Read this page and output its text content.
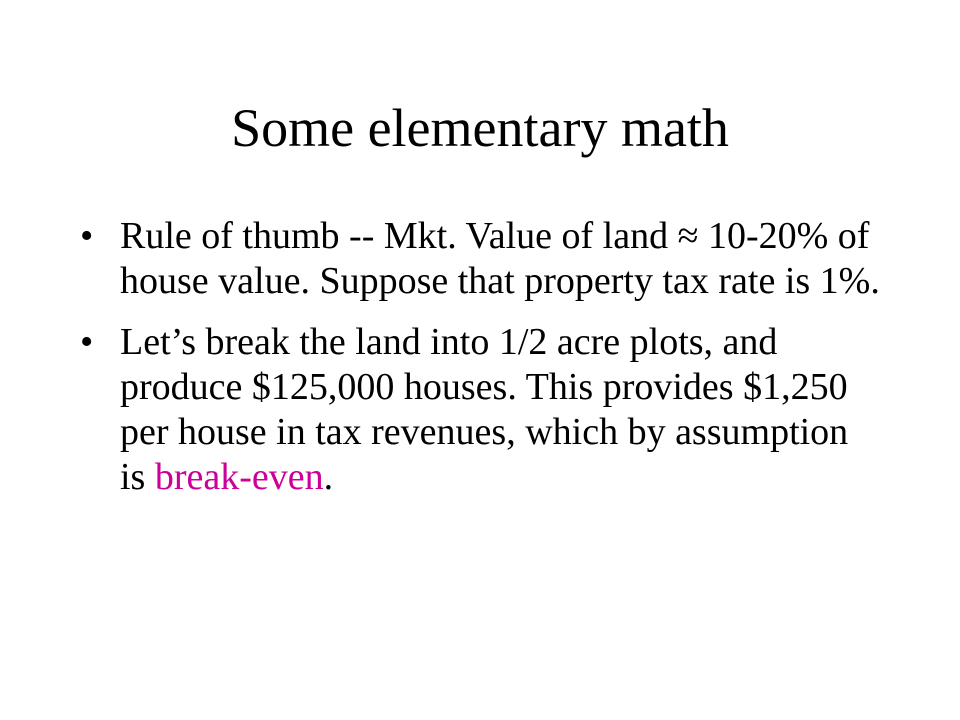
Some elementary math
• Rule of thumb -- Mkt. Value of land ≈ 10-20% of house value. Suppose that property tax rate is 1%.
• Let’s break the land into 1/2 acre plots, and produce $125,000 houses. This provides $1,250 per house in tax revenues, which by assumption is break-even.
